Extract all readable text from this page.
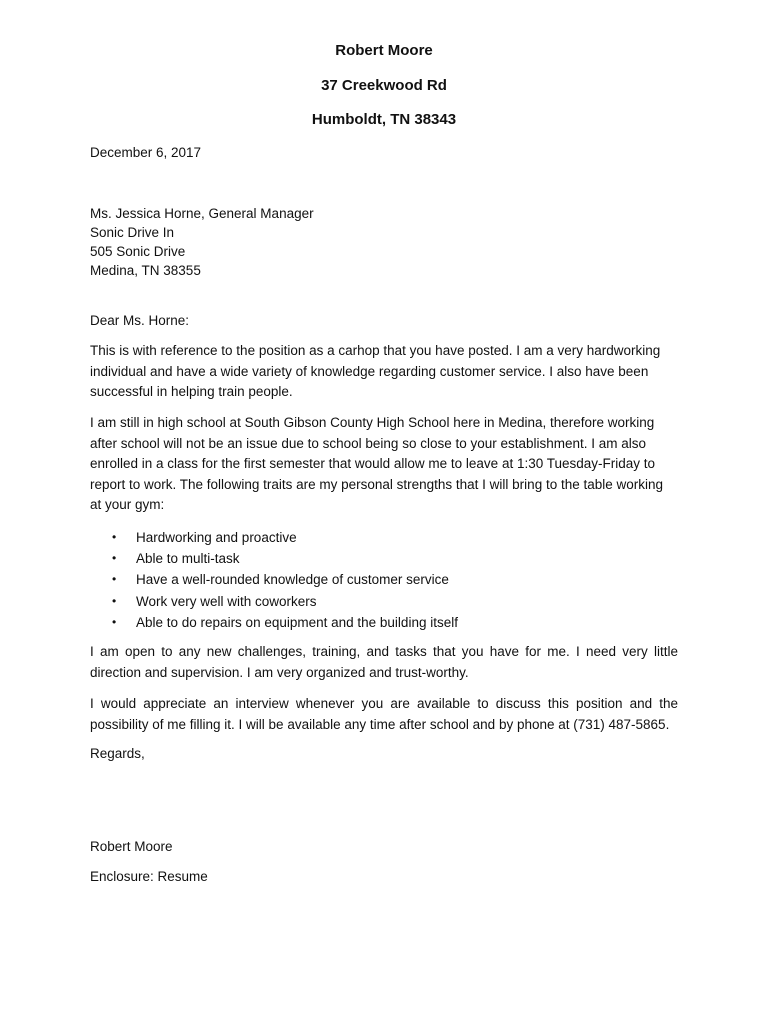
Robert Moore
37 Creekwood Rd
Humboldt, TN 38343
December 6, 2017
Ms. Jessica Horne, General Manager
Sonic Drive In
505 Sonic Drive
Medina, TN 38355
Dear Ms. Horne:
This is with reference to the position as a carhop that you have posted. I am a very hardworking individual and have a wide variety of knowledge regarding customer service. I also have been successful in helping train people.
I am still in high school at South Gibson County High School here in Medina, therefore working after school will not be an issue due to school being so close to your establishment. I am also enrolled in a class for the first semester that would allow me to leave at 1:30 Tuesday-Friday to report to work. The following traits are my personal strengths that I will bring to the table working at your gym:
• Hardworking and proactive
• Able to multi-task
• Have a well-rounded knowledge of customer service
• Work very well with coworkers
• Able to do repairs on equipment and the building itself
I am open to any new challenges, training, and tasks that you have for me. I need very little direction and supervision. I am very organized and trust-worthy.
I would appreciate an interview whenever you are available to discuss this position and the possibility of me filling it. I will be available any time after school and by phone at (731) 487-5865.
Regards,
Robert Moore
Enclosure: Resume
